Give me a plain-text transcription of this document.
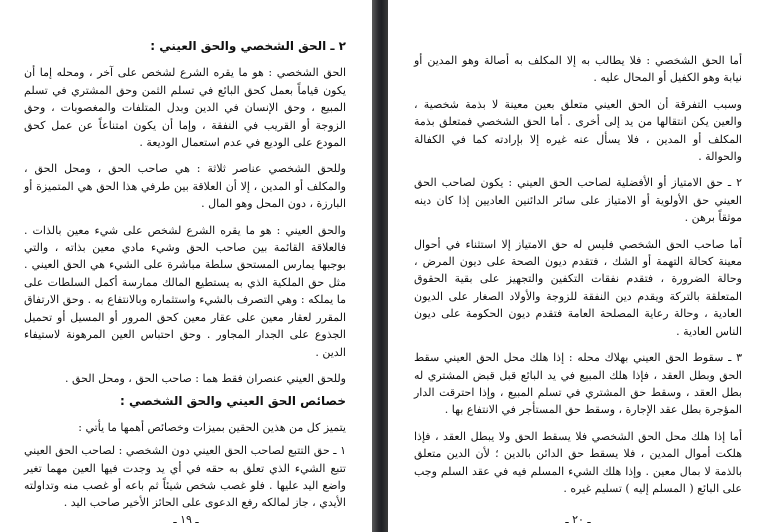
٢ ـ الحق الشخصي والحق العيني :

الحق الشخصي : هو ما يقره الشرع لشخص على آخر ، ومحله إما أن يكون قياماً بعمل كحق البائع في تسلم الثمن وحق المشتري في تسلم المبيع ، وحق الإنسان في الدين وبدل المتلفات والمغصوبات ، وحق الزوجة أو القريب في النفقة ، وإما أن يكون امتناعاً عن عمل كحق المودع على الوديع في عدم استعمال الوديعة .

وللحق الشخصي عناصر ثلاثة : هي صاحب الحق ، ومحل الحق ، والمكلف أو المدين ، إلا أن العلاقة بين طرفي هذا الحق هي المتميزة أو البارزة ، دون المحل وهو المال .

والحق العيني : هو ما يقره الشرع لشخص على شيء معين بالذات . فالعلاقة القائمة بين صاحب الحق وشيء مادي معين بذاته ، والتي بوجبها يمارس المستحق سلطة مباشرة على الشيء هي الحق العيني . مثل حق الملكية الذي به يستطيع المالك ممارسة أكمل السلطات على ما يملكه : وهي التصرف بالشيء واستثماره وبالانتفاع به . وحق الارتفاق المقرر لعقار معين على عقار معين كحق المرور أو المسيل أو تحميل الجذوع على الجدار المجاور . وحق احتباس العين المرهونة لاستيفاء الدين .

وللحق العيني عنصران فقط هما : صاحب الحق ، ومحل الحق .

خصائص الحق العيني والحق الشخصي :

يتميز كل من هذين الحقين بميزات وخصائص أهمها ما يأتي :

١ ـ حق التتبع لصاحب الحق العيني دون الشخصي : لصاحب الحق العيني تتبع الشيء الذي تعلق به حقه في أي يد وجدت فيها العين مهما تغير واضع اليد عليها . فلو غصب شخص شيئاً ثم باعه أو غصب منه وتداولته الأيدي ، جاز لمالكه رفع الدعوى على الحائز الأخير صاحب اليد .

ـ ١٩ ـ

أما الحق الشخصي : فلا يطالب به إلا المكلف به أصالة وهو المدين أو نيابة وهو الكفيل أو المحال عليه .

وسبب التفرقة أن الحق العيني متعلق بعين معينة لا بذمة شخصية ، والعين يكن انتقالها من يد إلى أخرى . أما الحق الشخصي فمتعلق بذمة المكلف أو المدين ، فلا يسأل عنه غيره إلا بإرادته كما في الكفالة والحوالة .

٢ ـ حق الامتياز أو الأفضلية لصاحب الحق العيني : يكون لصاحب الحق العيني حق الأولوية أو الامتياز على سائر الدائنين العاديين إذا كان دينه موثقاً برهن .

أما صاحب الحق الشخصي فليس له حق الامتياز إلا استثناء في أحوال معينة كحالة التهمة أو الشك ، فتقدم ديون الصحة على ديون المرض ، وحالة الضرورة ، فتقدم نفقات التكفين والتجهيز على بقية الحقوق المتعلقة بالتركة ويقدم دين النفقة للزوجة والأولاد الصغار على الديون العادية ، وحالة رعاية المصلحة العامة فتقدم ديون الحكومة على ديون الناس العادية .

٣ ـ سقوط الحق العيني بهلاك محله : إذا هلك محل الحق العيني سقط الحق وبطل العقد ، فإذا هلك المبيع في يد البائع قبل قبض المشتري له بطل العقد ، وسقط حق المشتري في تسلم المبيع ، وإذا احترقت الدار المؤجرة بطل عقد الإجارة ، وسقط حق المستأجر في الانتفاع بها .

أما إذا هلك محل الحق الشخصي فلا يسقط الحق ولا يبطل العقد ، فإذا هلكت أموال المدين ، فلا يسقط حق الدائن بالدين ؛ لأن الدين متعلق بالذمة لا بمال معين . وإذا هلك الشيء المسلم فيه في عقد السلم وجب على البائع ( المسلم إليه ) تسليم غيره .

ـ ٢٠ ـ
